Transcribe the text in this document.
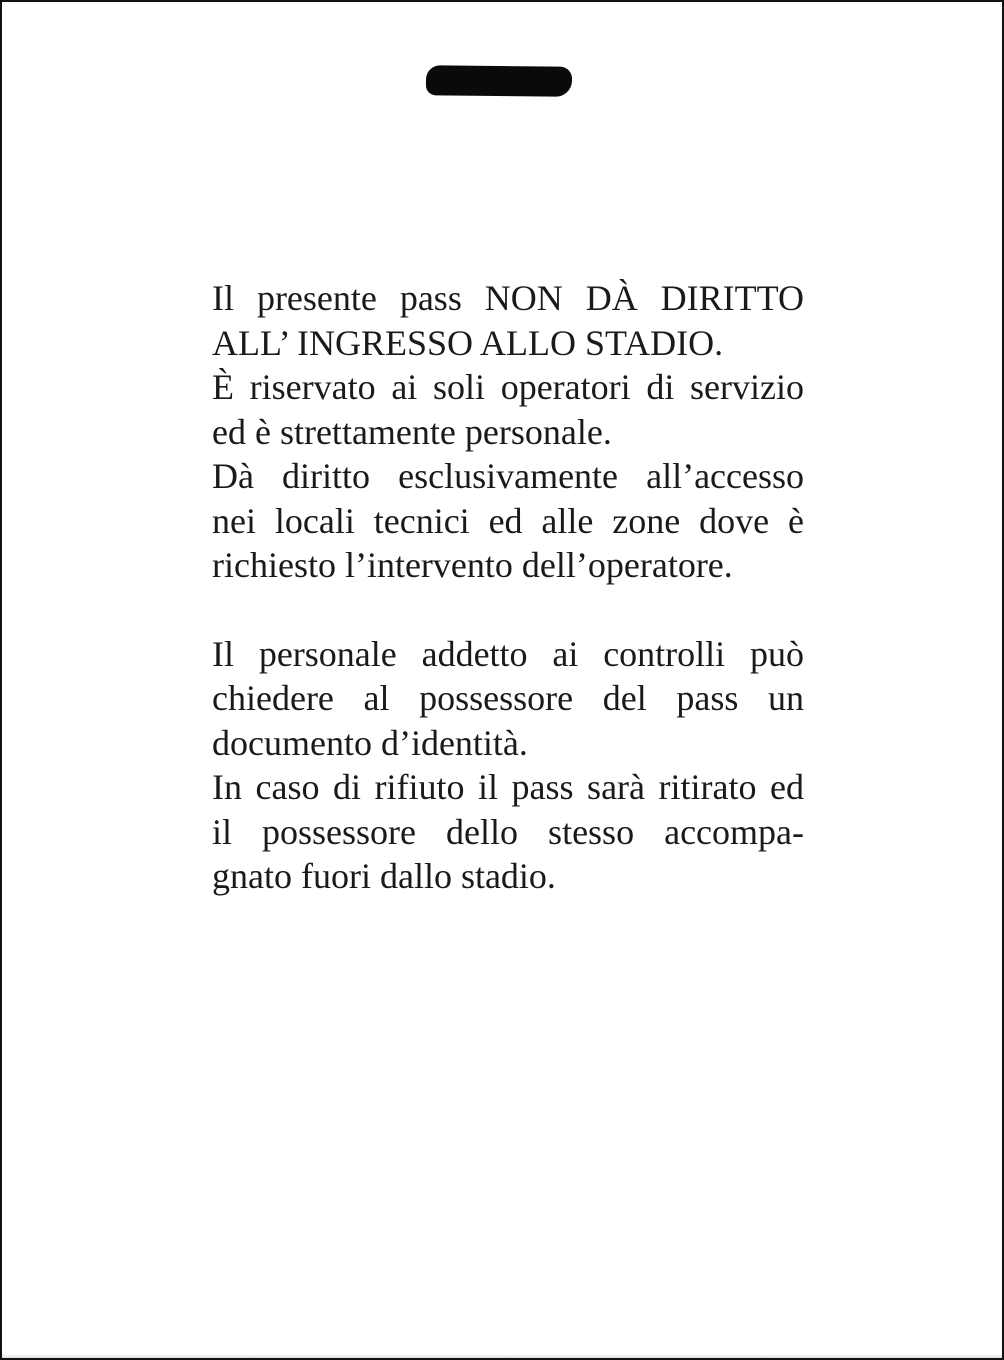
Il presente pass NON DÀ DIRITTO
ALL’ INGRESSO ALLO STADIO.
È riservato ai soli operatori di servizio
ed è strettamente personale.
Dà diritto esclusivamente all’accesso
nei locali tecnici ed alle zone dove è
richiesto l’intervento dell’operatore.

Il personale addetto ai controlli può
chiedere al possessore del pass un
documento d’identità.
In caso di rifiuto il pass sarà ritirato ed
il possessore dello stesso accompa-
gnato fuori dallo stadio.
